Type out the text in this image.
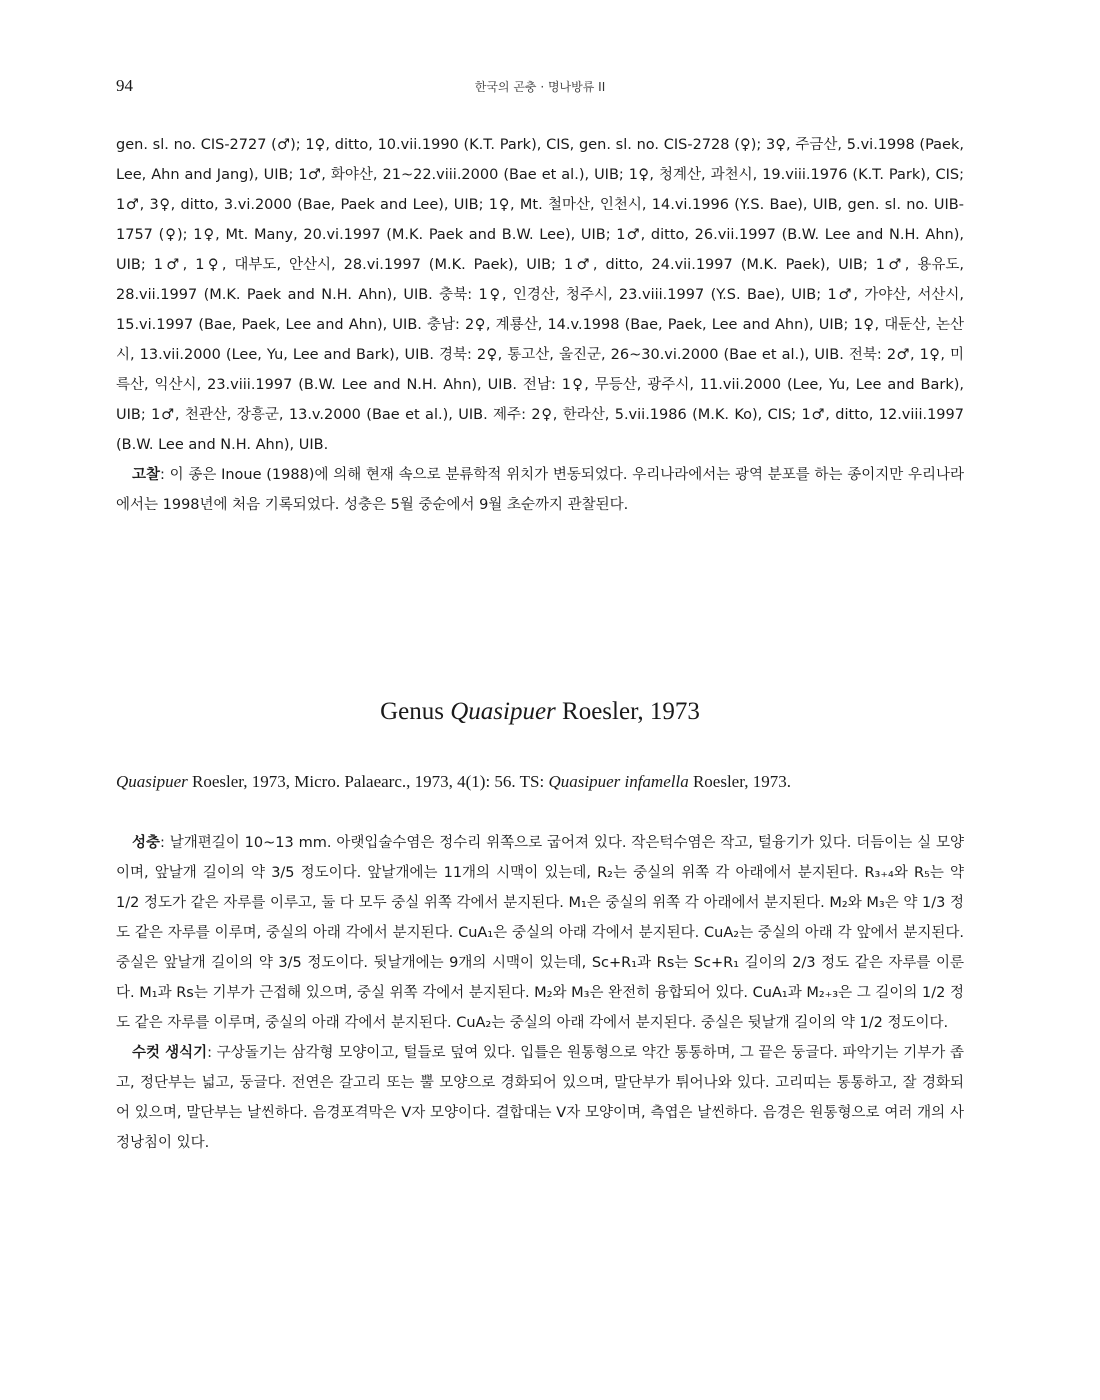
94	한국의 곤충 · 명나방류 II

gen. sl. no. CIS-2727 (♂); 1♀, ditto, 10.vii.1990 (K.T. Park), CIS, gen. sl. no. CIS-2728 (♀); 3♀, 주금산, 5.vi.1998 (Paek, Lee, Ahn and Jang), UIB; 1♂, 화야산, 21~22.viii.2000 (Bae et al.), UIB; 1♀, 청계산, 과천시, 19.viii.1976 (K.T. Park), CIS; 1♂, 3♀, ditto, 3.vi.2000 (Bae, Paek and Lee), UIB; 1♀, Mt. 철마산, 인천시, 14.vi.1996 (Y.S. Bae), UIB, gen. sl. no. UIB-1757 (♀); 1♀, Mt. Many, 20.vi.1997 (M.K. Paek and B.W. Lee), UIB; 1♂, ditto, 26.vii.1997 (B.W. Lee and N.H. Ahn), UIB; 1♂, 1♀, 대부도, 안산시, 28.vi.1997 (M.K. Paek), UIB; 1♂, ditto, 24.vii.1997 (M.K. Paek), UIB; 1♂, 용유도, 28.vii.1997 (M.K. Paek and N.H. Ahn), UIB. 충북: 1♀, 인경산, 청주시, 23.viii.1997 (Y.S. Bae), UIB; 1♂, 가야산, 서산시, 15.vi.1997 (Bae, Paek, Lee and Ahn), UIB. 충남: 2♀, 계룡산, 14.v.1998 (Bae, Paek, Lee and Ahn), UIB; 1♀, 대둔산, 논산시, 13.vii.2000 (Lee, Yu, Lee and Bark), UIB. 경북: 2♀, 통고산, 울진군, 26~30.vi.2000 (Bae et al.), UIB. 전북: 2♂, 1♀, 미륵산, 익산시, 23.viii.1997 (B.W. Lee and N.H. Ahn), UIB. 전남: 1♀, 무등산, 광주시, 11.vii.2000 (Lee, Yu, Lee and Bark), UIB; 1♂, 천관산, 장흥군, 13.v.2000 (Bae et al.), UIB. 제주: 2♀, 한라산, 5.vii.1986 (M.K. Ko), CIS; 1♂, ditto, 12.viii.1997 (B.W. Lee and N.H. Ahn), UIB.

고찰: 이 종은 Inoue (1988)에 의해 현재 속으로 분류학적 위치가 변동되었다. 우리나라에서는 광역 분포를 하는 종이지만 우리나라에서는 1998년에 처음 기록되었다. 성충은 5월 중순에서 9월 초순까지 관찰된다.

Genus Quasipuer Roesler, 1973
Quasipuer Roesler, 1973, Micro. Palaearc., 1973, 4(1): 56. TS: Quasipuer infamella Roesler, 1973.

성충: 날개편길이 10~13 mm. 아랫입술수염은 정수리 위쪽으로 굽어져 있다. 작은턱수염은 작고, 털융기가 있다. 더듬이는 실 모양이며, 앞날개 길이의 약 3/5 정도이다. 앞날개에는 11개의 시맥이 있는데, R₂는 중실의 위쪽 각 아래에서 분지된다. R₃₊₄와 R₅는 약 1/2 정도가 같은 자루를 이루고, 둘 다 모두 중실 위쪽 각에서 분지된다. M₁은 중실의 위쪽 각 아래에서 분지된다. M₂와 M₃은 약 1/3 정도 같은 자루를 이루며, 중실의 아래 각에서 분지된다. CuA₁은 중실의 아래 각에서 분지된다. CuA₂는 중실의 아래 각 앞에서 분지된다. 중실은 앞날개 길이의 약 3/5 정도이다. 뒷날개에는 9개의 시맥이 있는데, Sc+R₁과 Rs는 Sc+R₁ 길이의 2/3 정도 같은 자루를 이룬다. M₁과 Rs는 기부가 근접해 있으며, 중실 위쪽 각에서 분지된다. M₂와 M₃은 완전히 융합되어 있다. CuA₁과 M₂₊₃은 그 길이의 1/2 정도 같은 자루를 이루며, 중실의 아래 각에서 분지된다. CuA₂는 중실의 아래 각에서 분지된다. 중실은 뒷날개 길이의 약 1/2 정도이다.

수컷 생식기: 구상돌기는 삼각형 모양이고, 털들로 덮여 있다. 입틀은 원통형으로 약간 통통하며, 그 끝은 둥글다. 파악기는 기부가 좁고, 정단부는 넓고, 둥글다. 전연은 갈고리 또는 뿔 모양으로 경화되어 있으며, 말단부가 튀어나와 있다. 고리띠는 통통하고, 잘 경화되어 있으며, 말단부는 날씬하다. 음경포격막은 V자 모양이다. 결합대는 V자 모양이며, 측엽은 날씬하다. 음경은 원통형으로 여러 개의 사정낭침이 있다.
